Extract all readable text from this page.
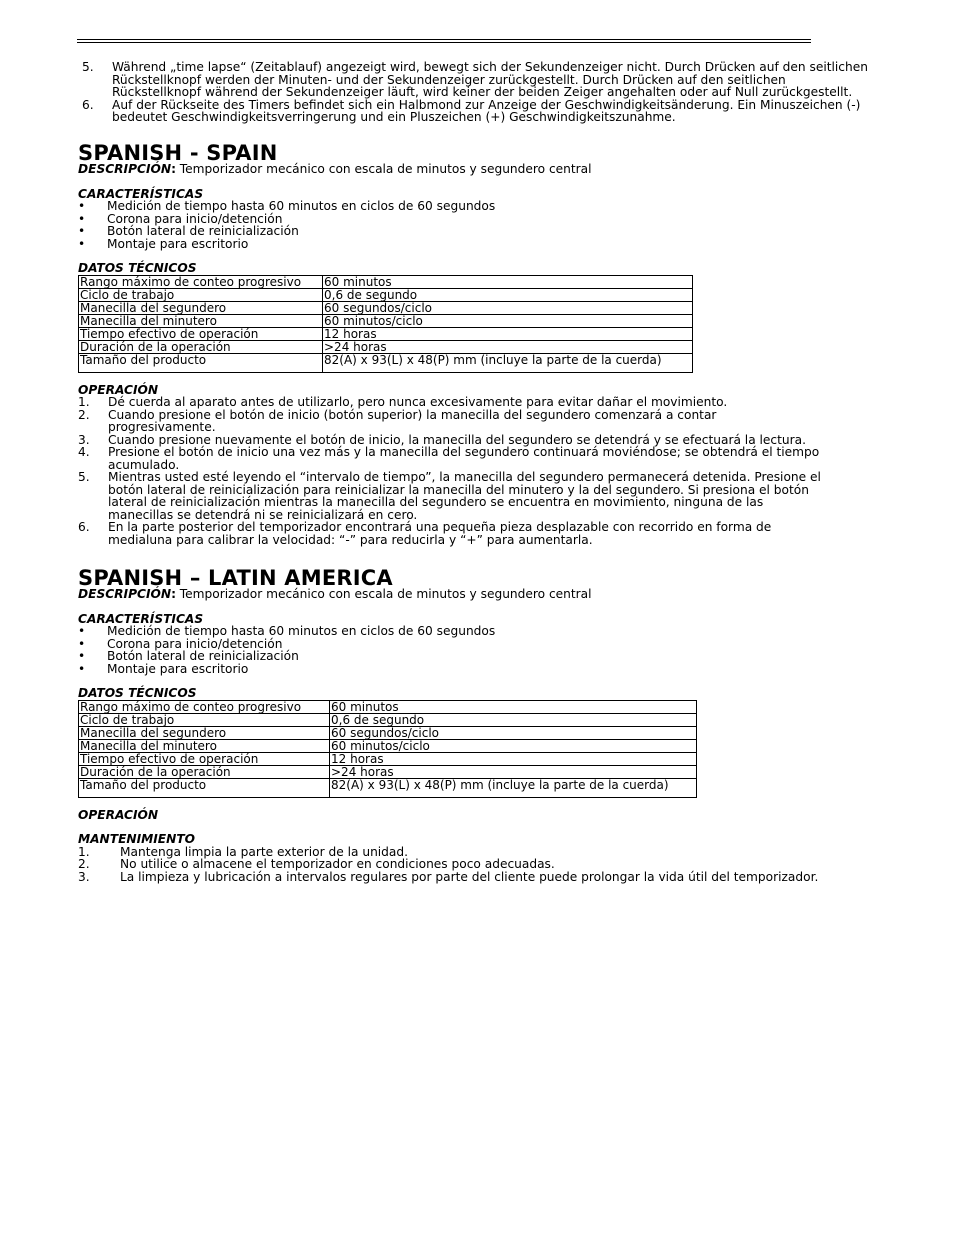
5.	Während „time lapse“ (Zeitablauf) angezeigt wird, bewegt sich der Sekundenzeiger nicht. Durch Drücken auf den seitlichen Rückstellknopf werden der Minuten- und der Sekundenzeiger zurückgestellt. Durch Drücken auf den seitlichen Rückstellknopf während der Sekundenzeiger läuft, wird keiner der beiden Zeiger angehalten oder auf Null zurückgestellt.
6.	Auf der Rückseite des Timers befindet sich ein Halbmond zur Anzeige der Geschwindigkeitsänderung. Ein Minuszeichen (-) bedeutet Geschwindigkeitsverringerung und ein Pluszeichen (+) Geschwindigkeitszunahme.
SPANISH - SPAIN
DESCRIPCIÓN: Temporizador mecánico con escala de minutos y segundero central
CARACTERÍSTICAS
•	Medición de tiempo hasta 60 minutos en ciclos de 60 segundos
•	Corona para inicio/detención
•	Botón lateral de reinicialización
•	Montaje para escritorio
DATOS TÉCNICOS
Rango máximo de conteo progresivo	60 minutos
Ciclo de trabajo	0,6 de segundo
Manecilla del segundero	60 segundos/ciclo
Manecilla del minutero	60 minutos/ciclo
Tiempo efectivo de operación	12 horas
Duración de la operación	>24 horas
Tamaño del producto	82(A) x 93(L) x 48(P) mm (incluye la parte de la cuerda)
OPERACIÓN
1.	Dé cuerda al aparato antes de utilizarlo, pero nunca excesivamente para evitar dañar el movimiento.
2.	Cuando presione el botón de inicio (botón superior) la manecilla del segundero comenzará a contar
progresivamente.
3.	Cuando presione nuevamente el botón de inicio, la manecilla del segundero se detendrá y se efectuará la lectura.
4.	Presione el botón de inicio una vez más y la manecilla del segundero continuará moviéndose; se obtendrá el tiempo
acumulado.
5.	Mientras usted esté leyendo el “intervalo de tiempo”, la manecilla del segundero permanecerá detenida. Presione el
botón lateral de reinicialización para reinicializar la manecilla del minutero y la del segundero. Si presiona el botón
lateral de reinicialización mientras la manecilla del segundero se encuentra en movimiento, ninguna de las
manecillas se detendrá ni se reinicializará en cero.
6.	En la parte posterior del temporizador encontrará una pequeña pieza desplazable con recorrido en forma de
medialuna para calibrar la velocidad: “-” para reducirla y “+” para aumentarla.
SPANISH – LATIN AMERICA
DESCRIPCIÓN: Temporizador mecánico con escala de minutos y segundero central
CARACTERÍSTICAS
•	Medición de tiempo hasta 60 minutos en ciclos de 60 segundos
•	Corona para inicio/detención
•	Botón lateral de reinicialización
•	Montaje para escritorio
DATOS TÉCNICOS
Rango máximo de conteo progresivo	60 minutos
Ciclo de trabajo	0,6 de segundo
Manecilla del segundero	60 segundos/ciclo
Manecilla del minutero	60 minutos/ciclo
Tiempo efectivo de operación	12 horas
Duración de la operación	>24 horas
Tamaño del producto	82(A) x 93(L) x 48(P) mm (incluye la parte de la cuerda)
OPERACIÓN
MANTENIMIENTO
1.	Mantenga limpia la parte exterior de la unidad.
2.	No utilice o almacene el temporizador en condiciones poco adecuadas.
3.	La limpieza y lubricación a intervalos regulares por parte del cliente puede prolongar la vida útil del temporizador.
